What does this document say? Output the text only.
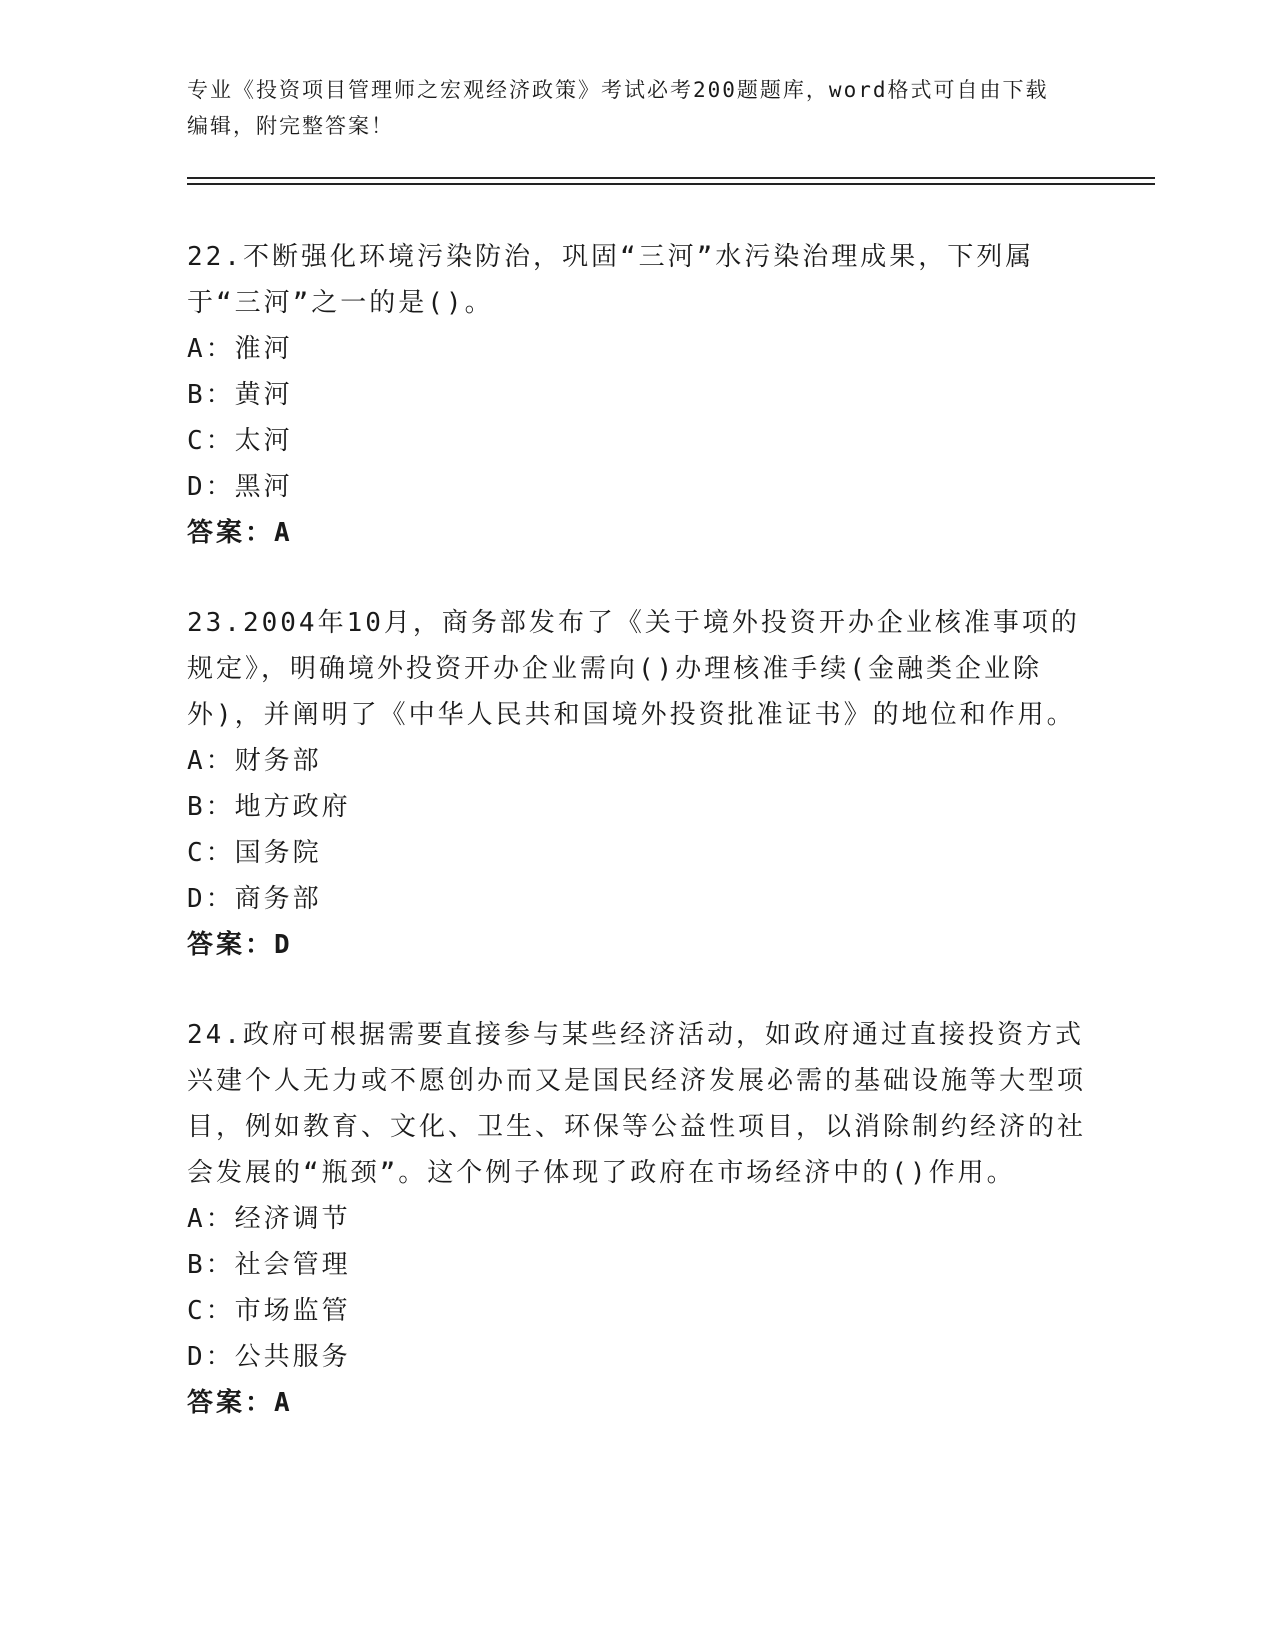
专业《投资项目管理师之宏观经济政策》考试必考200题题库，word格式可自由下载编辑，附完整答案！

22.不断强化环境污染防治，巩固“三河”水污染治理成果，下列属于“三河”之一的是()。

A：淮河

B：黄河

C：太河

D：黑河

答案：A

23.2004年10月，商务部发布了《关于境外投资开办企业核准事项的规定》，明确境外投资开办企业需向()办理核准手续(金融类企业除外)，并阐明了《中华人民共和国境外投资批准证书》的地位和作用。

A：财务部

B：地方政府

C：国务院

D：商务部

答案：D

24.政府可根据需要直接参与某些经济活动，如政府通过直接投资方式兴建个人无力或不愿创办而又是国民经济发展必需的基础设施等大型项目，例如教育、文化、卫生、环保等公益性项目，以消除制约经济的社会发展的“瓶颈”。这个例子体现了政府在市场经济中的()作用。

A：经济调节

B：社会管理

C：市场监管

D：公共服务

答案：A
